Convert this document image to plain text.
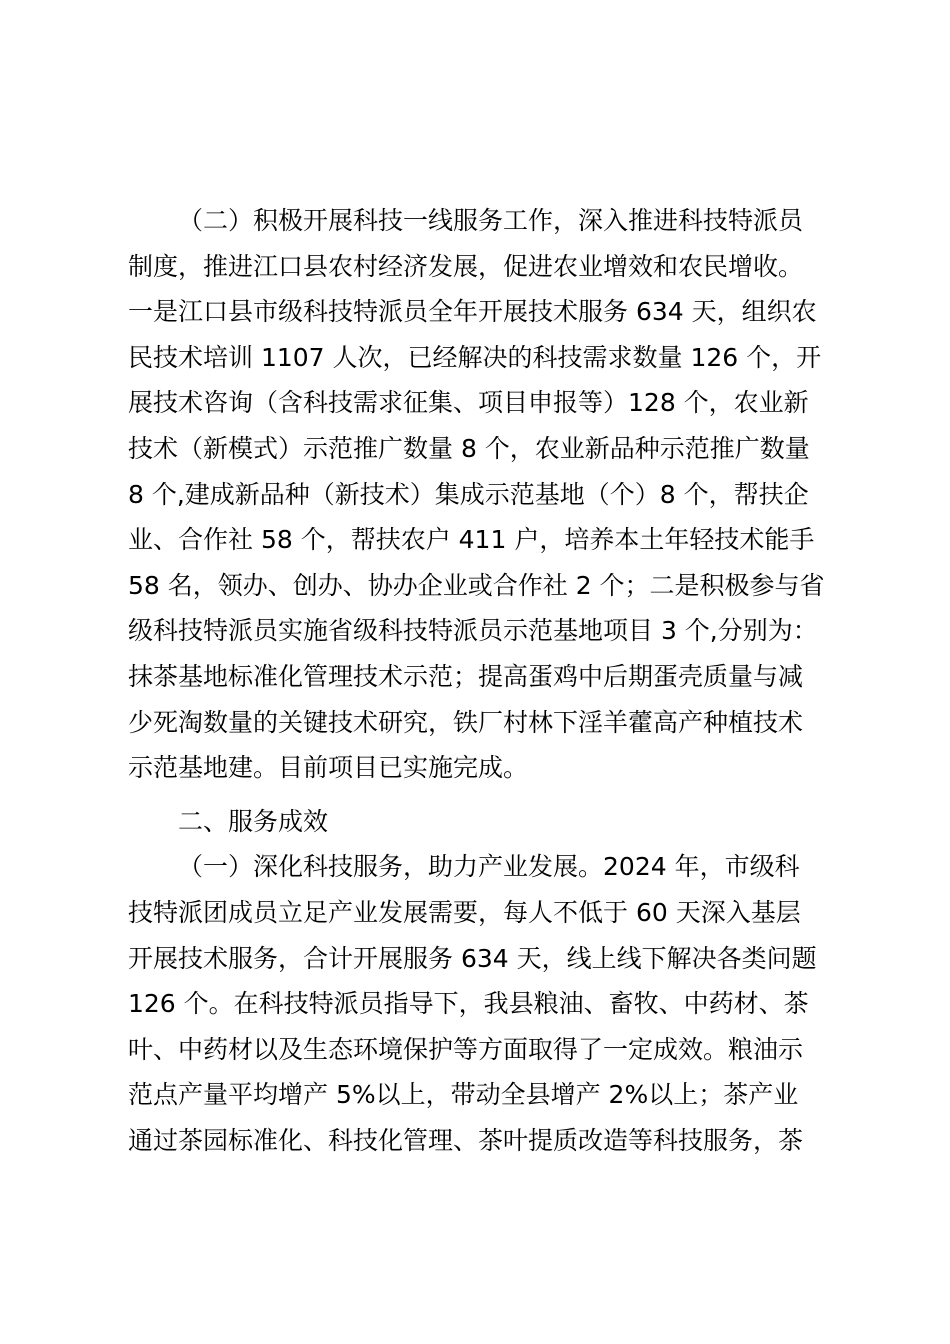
（二）积极开展科技一线服务工作，深入推进科技特派员
制度，推进江口县农村经济发展，促进农业增效和农民增收。
一是江口县市级科技特派员全年开展技术服务 634 天，组织农
民技术培训 1107 人次，已经解决的科技需求数量 126 个，开
展技术咨询（含科技需求征集、项目申报等）128 个，农业新
技术（新模式）示范推广数量 8 个，农业新品种示范推广数量
8 个,建成新品种（新技术）集成示范基地（个）8 个，帮扶企
业、合作社 58 个，帮扶农户 411 户，培养本土年轻技术能手
58 名，领办、创办、协办企业或合作社 2 个；二是积极参与省
级科技特派员实施省级科技特派员示范基地项目 3 个,分别为：
抹茶基地标准化管理技术示范；提高蛋鸡中后期蛋壳质量与减
少死淘数量的关键技术研究，铁厂村林下淫羊藿高产种植技术
示范基地建。目前项目已实施完成。
二、服务成效
（一）深化科技服务，助力产业发展。2024 年，市级科
技特派团成员立足产业发展需要，每人不低于 60 天深入基层
开展技术服务，合计开展服务 634 天，线上线下解决各类问题
126 个。在科技特派员指导下，我县粮油、畜牧、中药材、茶
叶、中药材以及生态环境保护等方面取得了一定成效。粮油示
范点产量平均增产 5%以上，带动全县增产 2%以上；茶产业
通过茶园标准化、科技化管理、茶叶提质改造等科技服务，茶
